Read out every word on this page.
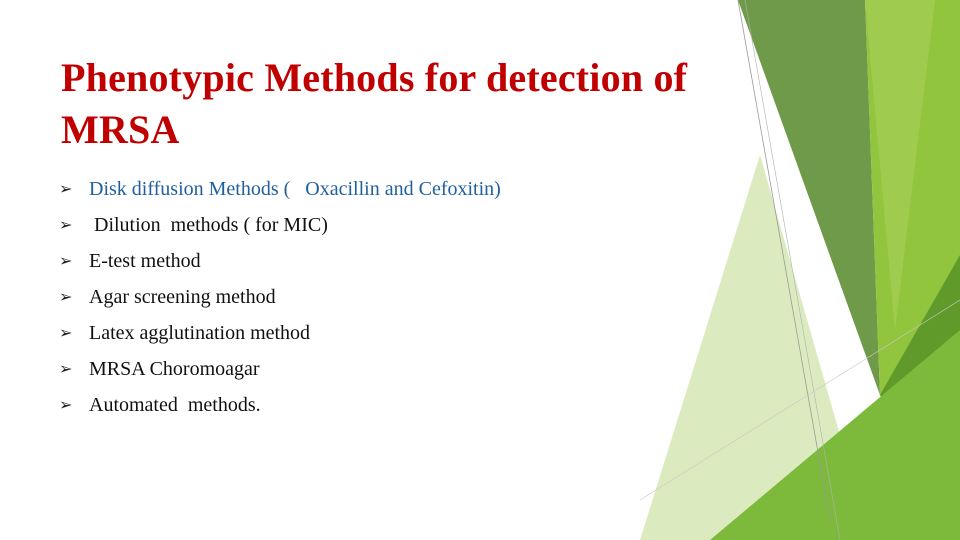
Phenotypic Methods for detection of MRSA

➢

Disk diffusion Methods (   Oxacillin and Cefoxitin)

➢

Dilution  methods ( for MIC)

➢

E-test method

➢

Agar screening method

➢

Latex agglutination method

➢

MRSA Choromoagar

➢

Automated  methods.
